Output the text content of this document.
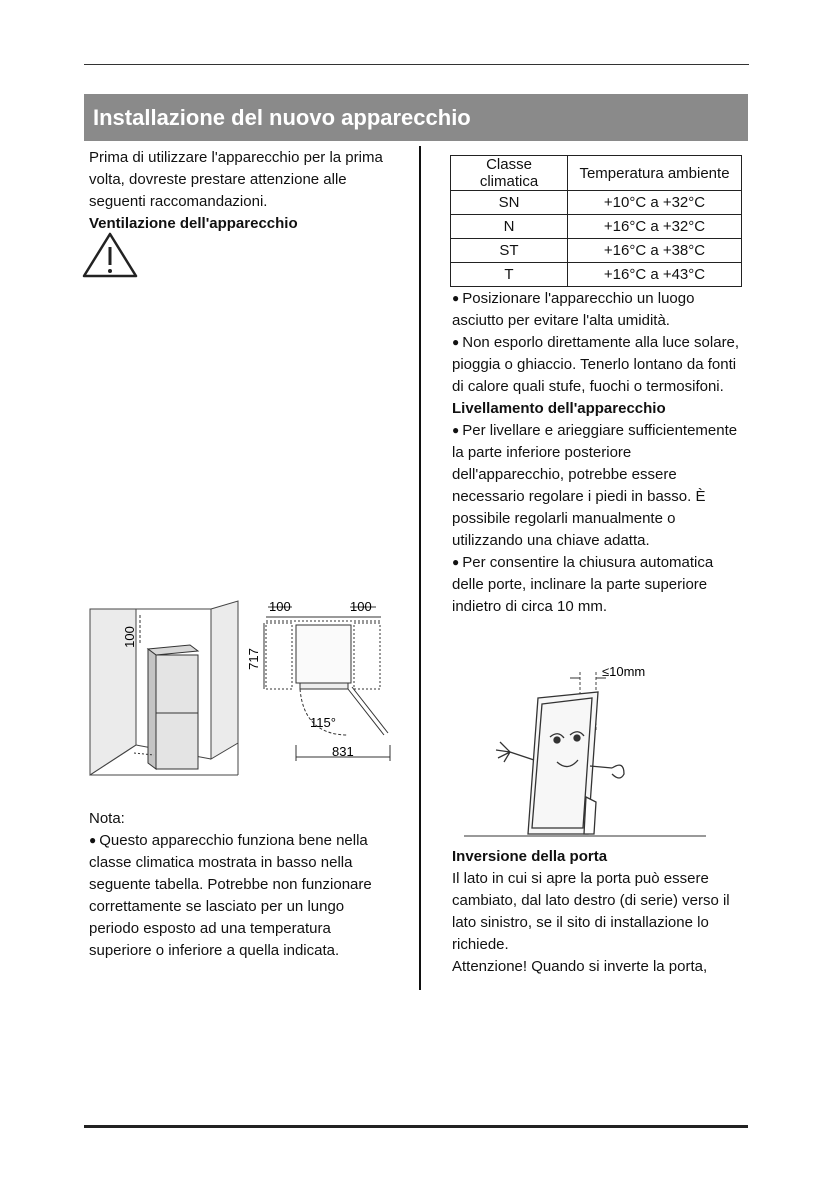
Installazione del nuovo apparecchio

Prima di utilizzare l'apparecchio per la prima volta, dovreste prestare attenzione alle seguenti raccomandazioni.

Ventilazione dell'apparecchio

100
100	100
717
115°
831

Nota:

● Questo apparecchio funziona bene nella classe climatica mostrata in basso nella seguente tabella. Potrebbe non funzionare correttamente se lasciato per un lungo periodo esposto ad una temperatura superiore o inferiore a quella indicata.

Classe climatica	Temperatura ambiente
SN	+10°C a +32°C
N	+16°C a +32°C
ST	+16°C a +38°C
T	+16°C a +43°C

● Posizionare l'apparecchio un luogo asciutto per evitare l'alta umidità.

● Non esporlo direttamente alla luce solare, pioggia o ghiaccio. Tenerlo lontano da fonti di calore quali stufe, fuochi o termosifoni.

Livellamento dell'apparecchio

● Per livellare e arieggiare sufficientemente la parte inferiore posteriore dell'apparecchio, potrebbe essere necessario regolare i piedi in basso. È possibile regolarli manualmente o utilizzando una chiave adatta.

● Per consentire la chiusura automatica delle porte, inclinare la parte superiore indietro di circa 10 mm.

≤10mm

Inversione della porta

Il lato in cui si apre la porta può essere cambiato, dal lato destro (di serie) verso il lato sinistro, se il sito di installazione lo richiede.

Attenzione! Quando si inverte la porta,
